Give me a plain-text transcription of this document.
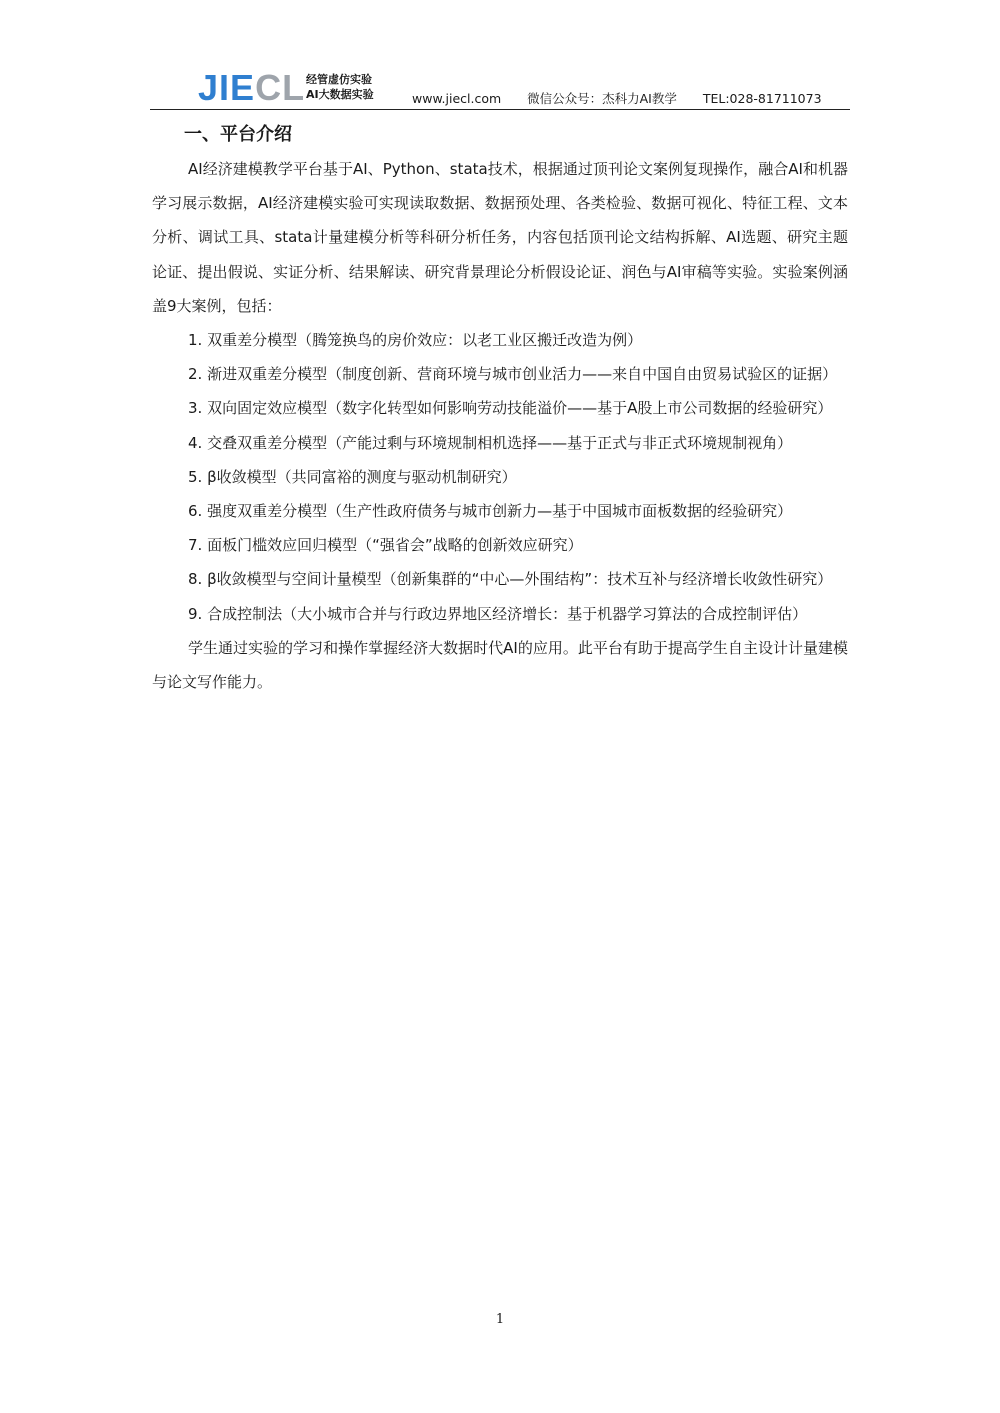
JIECL 经管虚仿实验
AI大数据实验	www.jiecl.com 微信公众号：杰科力AI教学 TEL:028-81711073
一、平台介绍

AI经济建模教学平台基于AI、Python、stata技术，根据通过顶刊论文案例复现操作，融合AI和机器学习展示数据，AI经济建模实验可实现读取数据、数据预处理、各类检验、数据可视化、特征工程、文本分析、调试工具、stata计量建模分析等科研分析任务，内容包括顶刊论文结构拆解、AI选题、研究主题论证、提出假说、实证分析、结果解读、研究背景理论分析假设论证、润色与AI审稿等实验。实验案例涵盖9大案例，包括：

1. 双重差分模型（腾笼换鸟的房价效应：以老工业区搬迁改造为例）
2. 渐进双重差分模型（制度创新、营商环境与城市创业活力——来自中国自由贸易试验区的证据）
3. 双向固定效应模型（数字化转型如何影响劳动技能溢价——基于A股上市公司数据的经验研究）
4. 交叠双重差分模型（产能过剩与环境规制相机选择——基于正式与非正式环境规制视角）
5. β收敛模型（共同富裕的测度与驱动机制研究）
6. 强度双重差分模型（生产性政府债务与城市创新力—基于中国城市面板数据的经验研究）
7. 面板门槛效应回归模型（“强省会”战略的创新效应研究）
8. β收敛模型与空间计量模型（创新集群的“中心—外围结构”：技术互补与经济增长收敛性研究）
9. 合成控制法（大小城市合并与行政边界地区经济增长：基于机器学习算法的合成控制评估）

学生通过实验的学习和操作掌握经济大数据时代AI的应用。此平台有助于提高学生自主设计计量建模与论文写作能力。

1
